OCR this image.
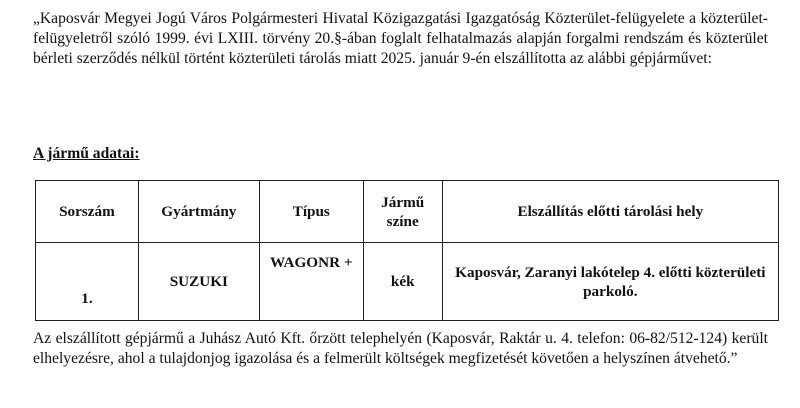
„Kaposvár Megyei Jogú Város Polgármesteri Hivatal Közigazgatási Igazgatóság Közterület-felügyelete a közterület-felügyeletről szóló 1999. évi LXIII. törvény 20.§-ában foglalt felhatalmazás alapján forgalmi rendszám és közterület bérleti szerződés nélkül történt közterületi tárolás miatt 2025. január 9-én elszállította az alábbi gépjárművet:

A jármű adatai:

Sorszám	Gyártmány	Típus	Jármű színe	Elszállítás előtti tárolási hely
1.	SUZUKI	WAGONR +	kék	Kaposvár, Zaranyi lakótelep 4. előtti közterületi parkoló.

Az elszállított gépjármű a Juhász Autó Kft. őrzött telephelyén (Kaposvár, Raktár u. 4. telefon: 06-82/512-124) került elhelyezésre, ahol a tulajdonjog igazolása és a felmerült költségek megfizetését követően a helyszínen átvehető.”
